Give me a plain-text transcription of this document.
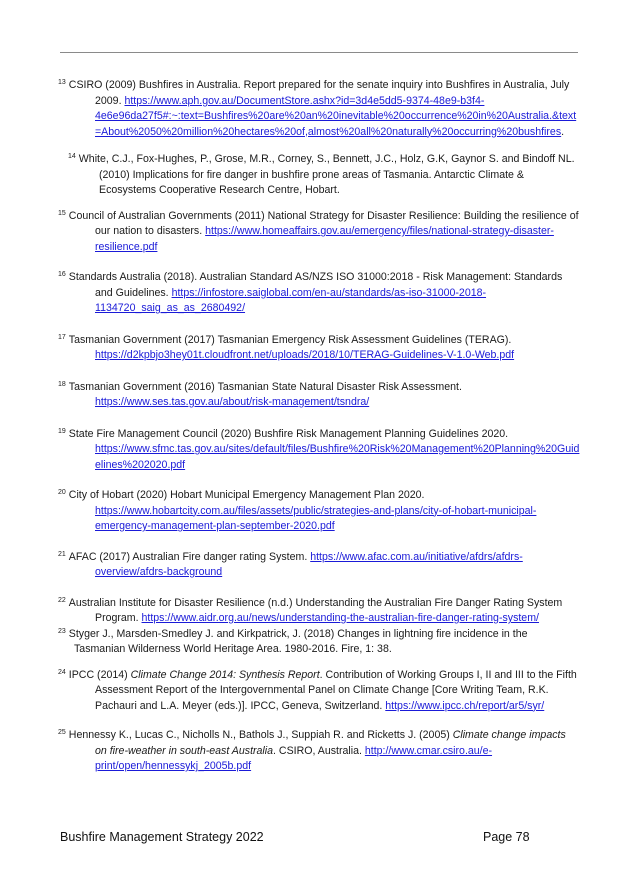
$^{13}$ CSIRO (2009) Bushfires in Australia. Report prepared for the senate inquiry into Bushfires in Australia, July 2009. https://www.aph.gov.au/DocumentStore.ashx?id=3d4e5dd5-9374-48e9-b3f4-4e6e96da27f5#:~:text=Bushfires%20are%20an%20inevitable%20occurrence%20in%20Australia.&text=About%2050%20million%20hectares%20of,almost%20all%20naturally%20occurring%20bushfires.

$^{14}$ White, C.J., Fox-Hughes, P., Grose, M.R., Corney, S., Bennett, J.C., Holz, G.K, Gaynor S. and Bindoff NL. (2010) Implications for fire danger in bushfire prone areas of Tasmania. Antarctic Climate & Ecosystems Cooperative Research Centre, Hobart.

$^{15}$ Council of Australian Governments (2011) National Strategy for Disaster Resilience: Building the resilience of our nation to disasters. https://www.homeaffairs.gov.au/emergency/files/national-strategy-disaster-resilience.pdf

$^{16}$ Standards Australia (2018). Australian Standard AS/NZS ISO 31000:2018 - Risk Management: Standards and Guidelines. https://infostore.saiglobal.com/en-au/standards/as-iso-31000-2018-1134720_saig_as_as_2680492/

$^{17}$ Tasmanian Government (2017) Tasmanian Emergency Risk Assessment Guidelines (TERAG). https://d2kpbjo3hey01t.cloudfront.net/uploads/2018/10/TERAG-Guidelines-V-1.0-Web.pdf

$^{18}$ Tasmanian Government (2016) Tasmanian State Natural Disaster Risk Assessment. https://www.ses.tas.gov.au/about/risk-management/tsndra/

$^{19}$ State Fire Management Council (2020) Bushfire Risk Management Planning Guidelines 2020. https://www.sfmc.tas.gov.au/sites/default/files/Bushfire%20Risk%20Management%20Planning%20Guidelines%202020.pdf

$^{20}$ City of Hobart (2020) Hobart Municipal Emergency Management Plan 2020. https://www.hobartcity.com.au/files/assets/public/strategies-and-plans/city-of-hobart-municipal-emergency-management-plan-september-2020.pdf

$^{21}$ AFAC (2017) Australian Fire danger rating System. https://www.afac.com.au/initiative/afdrs/afdrs-overview/afdrs-background

$^{22}$ Australian Institute for Disaster Resilience (n.d.) Understanding the Australian Fire Danger Rating System Program. https://www.aidr.org.au/news/understanding-the-australian-fire-danger-rating-system/

$^{23}$ Styger J., Marsden-Smedley J. and Kirkpatrick, J. (2018) Changes in lightning fire incidence in the Tasmanian Wilderness World Heritage Area. 1980-2016. Fire, 1: 38.

$^{24}$ IPCC (2014) Climate Change 2014: Synthesis Report. Contribution of Working Groups I, II and III to the Fifth Assessment Report of the Intergovernmental Panel on Climate Change [Core Writing Team, R.K. Pachauri and L.A. Meyer (eds.)]. IPCC, Geneva, Switzerland. https://www.ipcc.ch/report/ar5/syr/

$^{25}$ Hennessy K., Lucas C., Nicholls N., Bathols J., Suppiah R. and Ricketts J. (2005) Climate change impacts on fire-weather in south-east Australia. CSIRO, Australia. http://www.cmar.csiro.au/e-print/open/hennessykj_2005b.pdf

Bushfire Management Strategy 2022	Page 78
